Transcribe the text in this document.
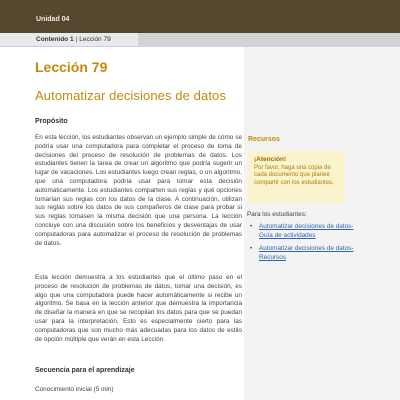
Unidad 04
Contenido 1 | Lección 79
Lección 79
Automatizar decisiones de datos
Propósito

En esta lección, los estudiantes observan un ejemplo simple de cómo se podría usar una computadora para completar el proceso de toma de decisiones del proceso de resolución de problemas de datos. Los estudiantes tienen la tarea de crear un algoritmo que podría sugerir un lugar de vacaciones. Los estudiantes luego crean reglas, o un algoritmo, que una computadora podría usar para tomar esta decisión automáticamente. Los estudiantes comparten sus reglas y qué opciones tomarían sus reglas con los datos de la clase. A continuación, utilizan sus reglas sobre los datos de sus compañeros de clase para probar si sus reglas tomasen la misma decisión que una persona. La lección concluye con una discusión sobre los beneficios y desventajas de usar computadoras para automatizar el proceso de resolución de problemas de datos.

Esta lección demuestra a los estudiantes que el último paso en el proceso de resolución de problemas de datos, tomar una decisión, es algo que una computadora puede hacer automáticamente si recibe un algoritmo. Se basa en la lección anterior que demuestra la importancia de diseñar la manera en que se recopilan los datos para que se puedan usar para la interpretación. Esto es especialmente cierto para las computadoras que son mucho más adecuadas para los datos de estilo de opción múltiple que verán en esta Lección.

Secuencia para el aprendizaje
Conocimiento inicial (5 min)
Recursos
¡Atención!
Por favor, haga una copia de cada documento que planee compartir con los estudiantes.
Para los estudiantes:
• Automatizar decisiones de datos- Guía de actividades
• Automatizar decisiones de datos- Recursos
